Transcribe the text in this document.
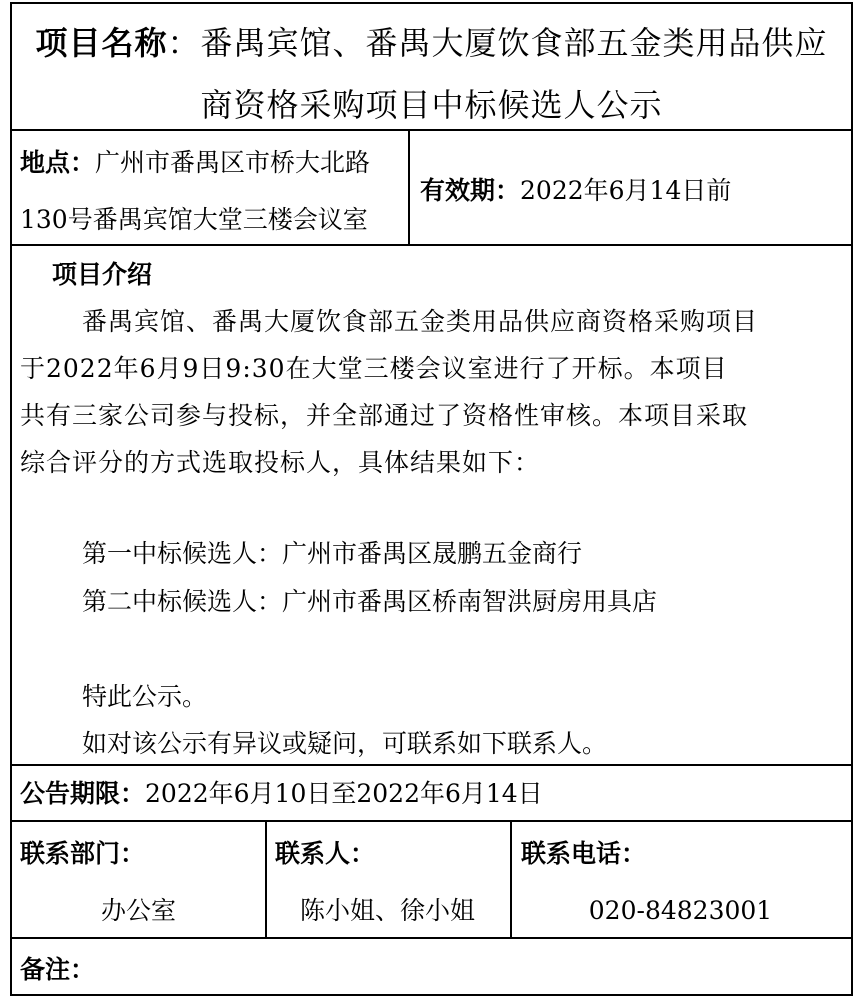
项目名称：番禺宾馆、番禺大厦饮食部五金类用品供应
商资格采购项目中标候选人公示
地点：广州市番禺区市桥大北路
130号番禺宾馆大堂三楼会议室
有效期：2022年6月14日前
项目介绍
番禺宾馆、番禺大厦饮食部五金类用品供应商资格采购项目
于2022年6月9日9:30在大堂三楼会议室进行了开标。本项目
共有三家公司参与投标，并全部通过了资格性审核。本项目采取
综合评分的方式选取投标人，具体结果如下：
第一中标候选人：广州市番禺区晟鹏五金商行
第二中标候选人：广州市番禺区桥南智洪厨房用具店
特此公示。
如对该公示有异议或疑问，可联系如下联系人。
公告期限：2022年6月10日至2022年6月14日
联系部门：
办公室
联系人：
陈小姐、徐小姐
联系电话：
020-84823001
备注：
